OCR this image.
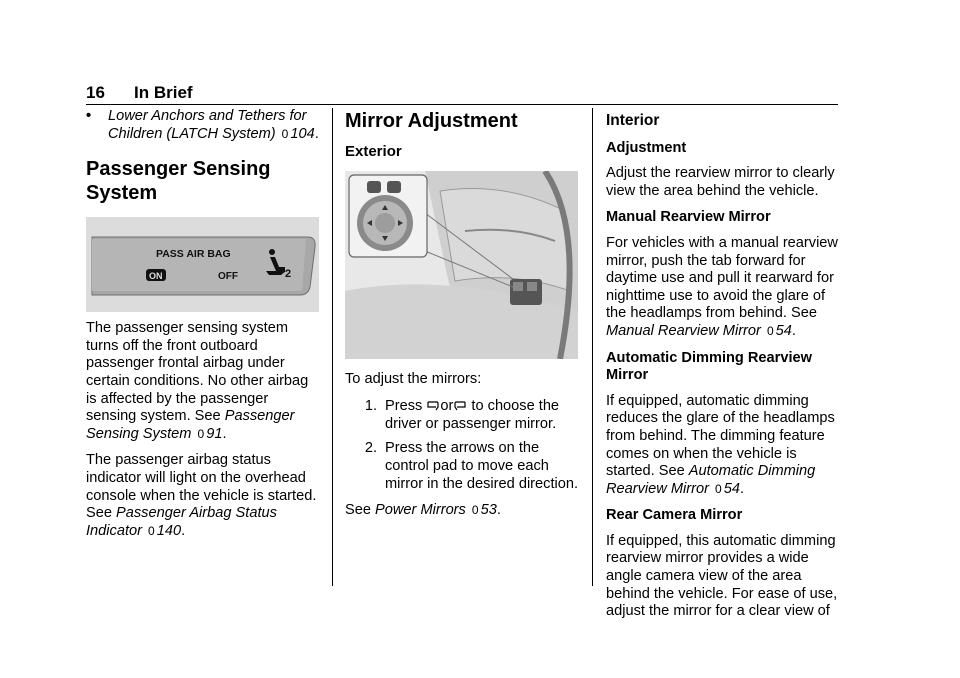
16 In Brief
•	Lower Anchors and Tethers for Children (LATCH System) 0 104.
Passenger Sensing System
PASS AIR BAG
ON	OFF	2

The passenger sensing system turns off the front outboard passenger frontal airbag under certain conditions. No other airbag is affected by the passenger sensing system. See Passenger Sensing System 0 91.

The passenger airbag status indicator will light on the overhead console when the vehicle is started. See Passenger Airbag Status Indicator 0 140.

Mirror Adjustment
Exterior

To adjust the mirrors:

1. Press or to choose the driver or passenger mirror.
2. Press the arrows on the control pad to move each mirror in the desired direction.

See Power Mirrors 0 53.

Interior
Adjustment

Adjust the rearview mirror to clearly view the area behind the vehicle.

Manual Rearview Mirror

For vehicles with a manual rearview mirror, push the tab forward for daytime use and pull it rearward for nighttime use to avoid the glare of the headlamps from behind. See Manual Rearview Mirror 0 54.

Automatic Dimming Rearview Mirror

If equipped, automatic dimming reduces the glare of the headlamps from behind. The dimming feature comes on when the vehicle is started. See Automatic Dimming Rearview Mirror 0 54.

Rear Camera Mirror

If equipped, this automatic dimming rearview mirror provides a wide angle camera view of the area behind the vehicle. For ease of use, adjust the mirror for a clear view of
